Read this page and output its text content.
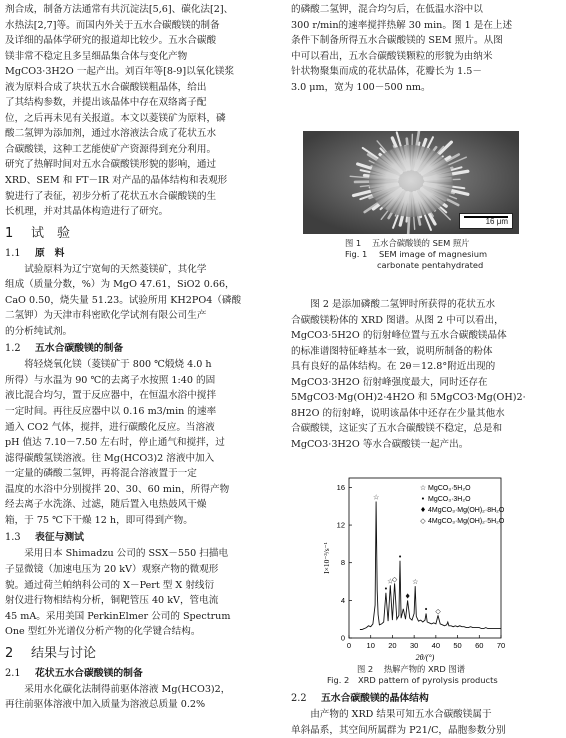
剂合成，制备方法通常有共沉淀法[5,6]、碳化法[2]、

水热法[2,7]等。而国内外关于五水合碳酸镁的制备

及详细的晶体学研究的报道却比较少。五水合碳酸

镁非常不稳定且多呈细晶集合体与变化产物

MgCO3·3H2O 一起产出。刘百年等[8-9]以氧化镁浆

液为原料合成了块状五水合碳酸镁粗晶体，给出

了其结构参数，并提出该晶体中存在双络离子配

位，之后再未见有关报道。本文以菱镁矿为原料，磷

酸二氢钾为添加剂，通过水溶液法合成了花状五水

合碳酸镁，这种工艺能使矿产资源得到充分利用。

研究了热解时间对五水合碳酸镁形貌的影响，通过

XRD、SEM 和 FT－IR 对产品的晶体结构和表观形

貌进行了表征，初步分析了花状五水合碳酸镁的生

长机理，并对其晶体构造进行了研究。

1 试　验
1.1 原　料

试验原料为辽宁宽甸的天然菱镁矿，其化学

组成（质量分数，%）为 MgO 47.61，SiO2 0.66，

CaO 0.50，烧失量 51.23。试验所用 KH2PO4（磷酸

二氢钾）为天津市科密欧化学试剂有限公司生产

的分析纯试剂。

1.2 五水合碳酸镁的制备

将轻烧氧化镁（菱镁矿于 800 ℃煅烧 4.0 h

所得）与水温为 90 ℃的去离子水按照 1:40 的固

液比混合均匀，置于反应器中，在恒温水浴中搅拌

一定时间。再往反应器中以 0.16 m3/min 的速率

通入 CO2 气体，搅拌，进行碳酸化反应。当溶液

pH 值达 7.10－7.50 左右时，停止通气和搅拌，过

滤得碳酸氢镁溶液。往 Mg(HCO3)2 溶液中加入

一定量的磷酸二氢钾，再将混合溶液置于一定

温度的水浴中分别搅拌 20、30、60 min，所得产物

经去离子水洗涤、过滤，随后置入电热鼓风干燥

箱，于 75 ℃下干燥 12 h，即可得到产物。

1.3 表征与测试

采用日本 Shimadzu 公司的 SSX－550 扫描电

子显微镜（加速电压为 20 kV）观察产物的微观形

貌。通过荷兰帕纳科公司的 X－Pert 型 X 射线衍

射仪进行物相结构分析，铜靶管压 40 kV，管电流

45 mA。采用美国 PerkinElmer 公司的 Spectrum

One 型红外光谱仪分析产物的化学键合结构。

2 结果与讨论
2.1 花状五水合碳酸镁的制备

采用水化碳化法制得前驱体溶液 Mg(HCO3)2，

再往前驱体溶液中加入质量为溶液总质量 0.2%

的磷酸二氢钾，混合均匀后，在低温水浴中以

300 r/min的速率搅拌热解 30 min。图 1 是在上述

条件下制备所得五水合碳酸镁的 SEM 照片。从图

中可以看出，五水合碳酸镁颗粒的形貌为由纳米

针状物聚集而成的花状晶体，花瓣长为 1.5－

3.0 μm，宽为 100－500 nm。

16 μm
图 1 五水合碳酸镁的 SEM 照片
Fig. 1 SEM image of magnesium
carbonate pentahydrated

图 2 是添加磷酸二氢钾时所获得的花状五水

合碳酸镁粉体的 XRD 图谱。从图 2 中可以看出，

MgCO3·5H2O 的衍射峰位置与五水合碳酸镁晶体

的标准谱图特征峰基本一致，说明所制备的粉体

具有良好的晶体结构。在 2θ＝12.8°附近出现的

MgCO3·3H2O 衍射峰强度最大，同时还存在

5MgCO3·Mg(OH)2·4H2O 和 5MgCO3·Mg(OH)2·

8H2O 的衍射峰，说明该晶体中还存在少量其他水

合碳酸镁，这证实了五水合碳酸镁不稳定，总是和

MgCO3·3H2O 等水合碳酸镁一起产出。

0 10 20 30 40 50 60 70
0
4
8
12
16
2θ/(°)
I×10⁻³/s⁻¹
☆
•
☆
◇
•
♦
☆
• ◇
☆ MgCO₃·5H₂O
• MgCO₃·3H₂O
♦ 4MgCO₃·Mg(OH)₂·8H₂O
◇ 4MgCO₃·Mg(OH)₂·5H₂O
图 2 热解产物的 XRD 图谱
Fig. 2 XRD pattern of pyrolysis products
2.2 五水合碳酸镁的晶体结构

由产物的 XRD 结果可知五水合碳酸镁属于

单斜晶系，其空间所属群为 P21/C，晶胞参数分别
